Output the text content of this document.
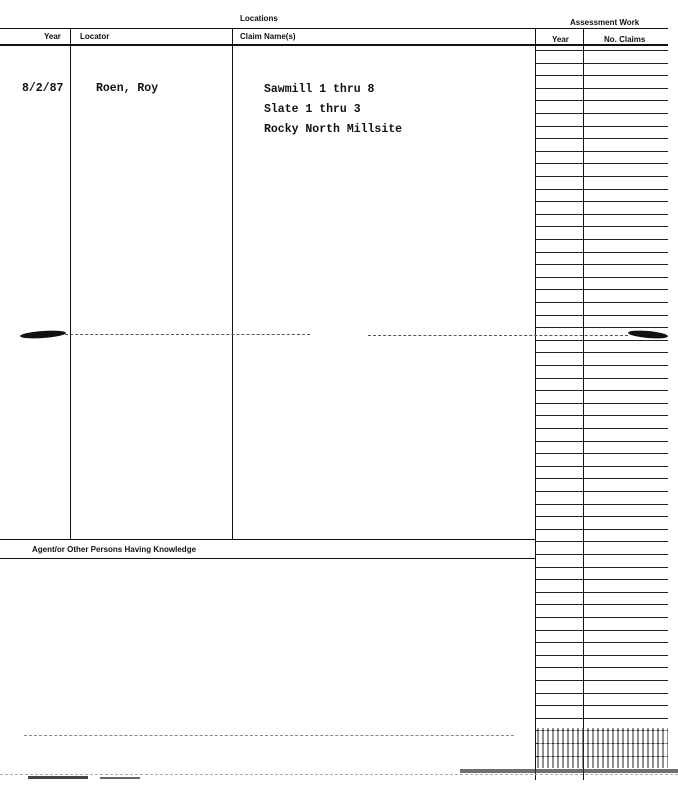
Locations	Assessment Work
Year Locator	Claim Name(s)	Year	No. Claims
Agent/or Other Persons Having Knowledge
8/2/87	Roen, Roy	Sawmill 1 thru 8
Slate 1 thru 3
Rocky North Millsite
